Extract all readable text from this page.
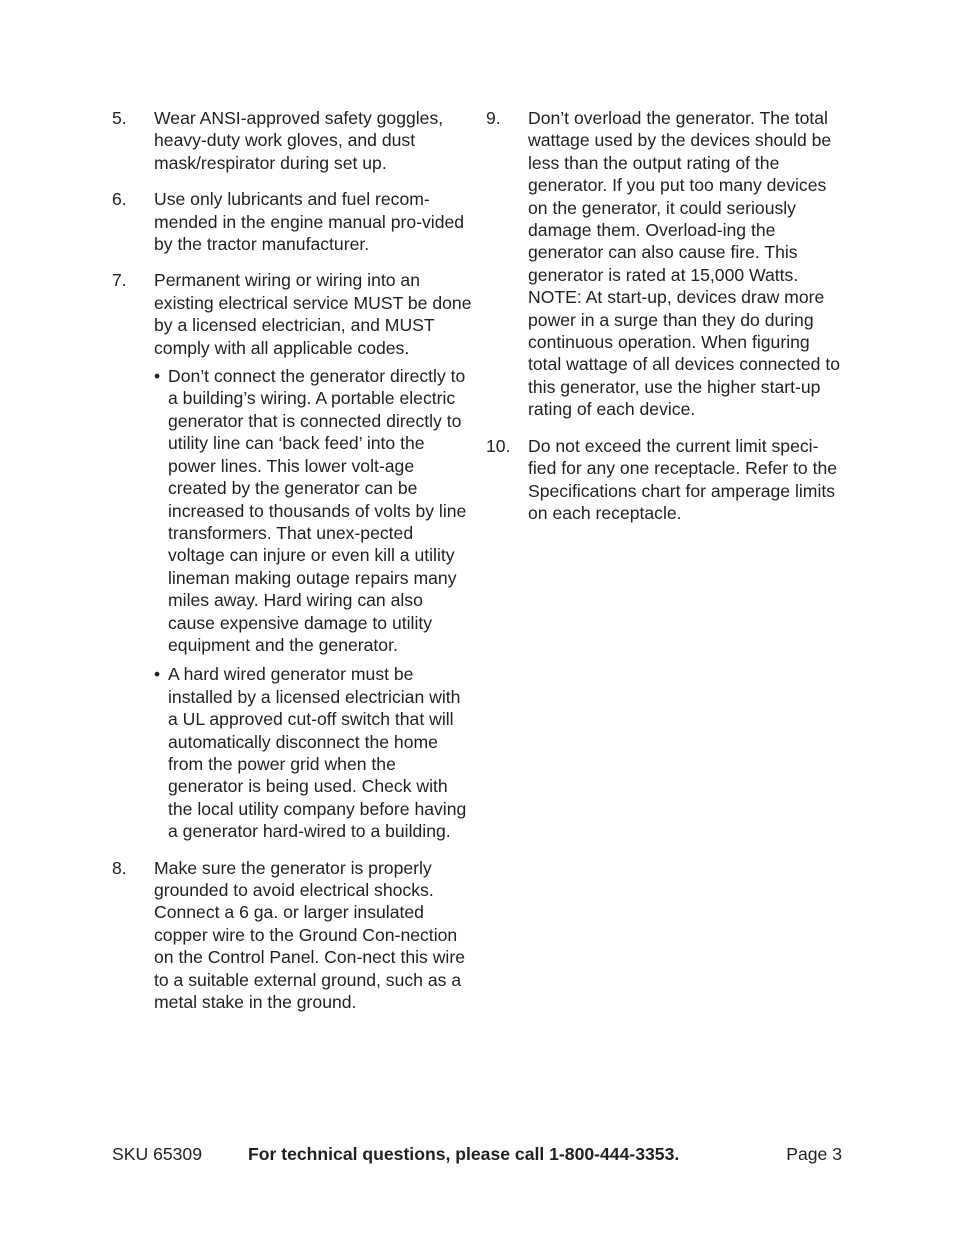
5. Wear ANSI-approved safety goggles, heavy-duty work gloves, and dust mask/respirator during set up.
6. Use only lubricants and fuel recom-mended in the engine manual pro-vided by the tractor manufacturer.
7. Permanent wiring or wiring into an existing electrical service MUST be done by a licensed electrician, and MUST comply with all applicable codes.
• Don’t connect the generator directly to a building’s wiring. A portable electric generator that is connected directly to utility line can ‘back feed’ into the power lines. This lower volt-age created by the generator can be increased to thousands of volts by line transformers. That unex-pected voltage can injure or even kill a utility lineman making outage repairs many miles away. Hard wiring can also cause expensive damage to utility equipment and the generator.
• A hard wired generator must be installed by a licensed electrician with a UL approved cut-off switch that will automatically disconnect the home from the power grid when the generator is being used. Check with the local utility company before having a generator hard-wired to a building.
8. Make sure the generator is properly grounded to avoid electrical shocks. Connect a 6 ga. or larger insulated copper wire to the Ground Con-nection on the Control Panel. Con-nect this wire to a suitable external ground, such as a metal stake in the ground.
9. Don’t overload the generator. The total wattage used by the devices should be less than the output rating of the generator. If you put too many devices on the generator, it could seriously damage them. Overload-ing the generator can also cause fire. This generator is rated at 15,000 Watts. NOTE: At start-up, devices draw more power in a surge than they do during continuous operation. When figuring total wattage of all devices connected to this generator, use the higher start-up rating of each device.
10. Do not exceed the current limit speci-fied for any one receptacle. Refer to the Specifications chart for amperage limits on each receptacle.
SKU 65309	For technical questions, please call 1-800-444-3353.	Page 3
